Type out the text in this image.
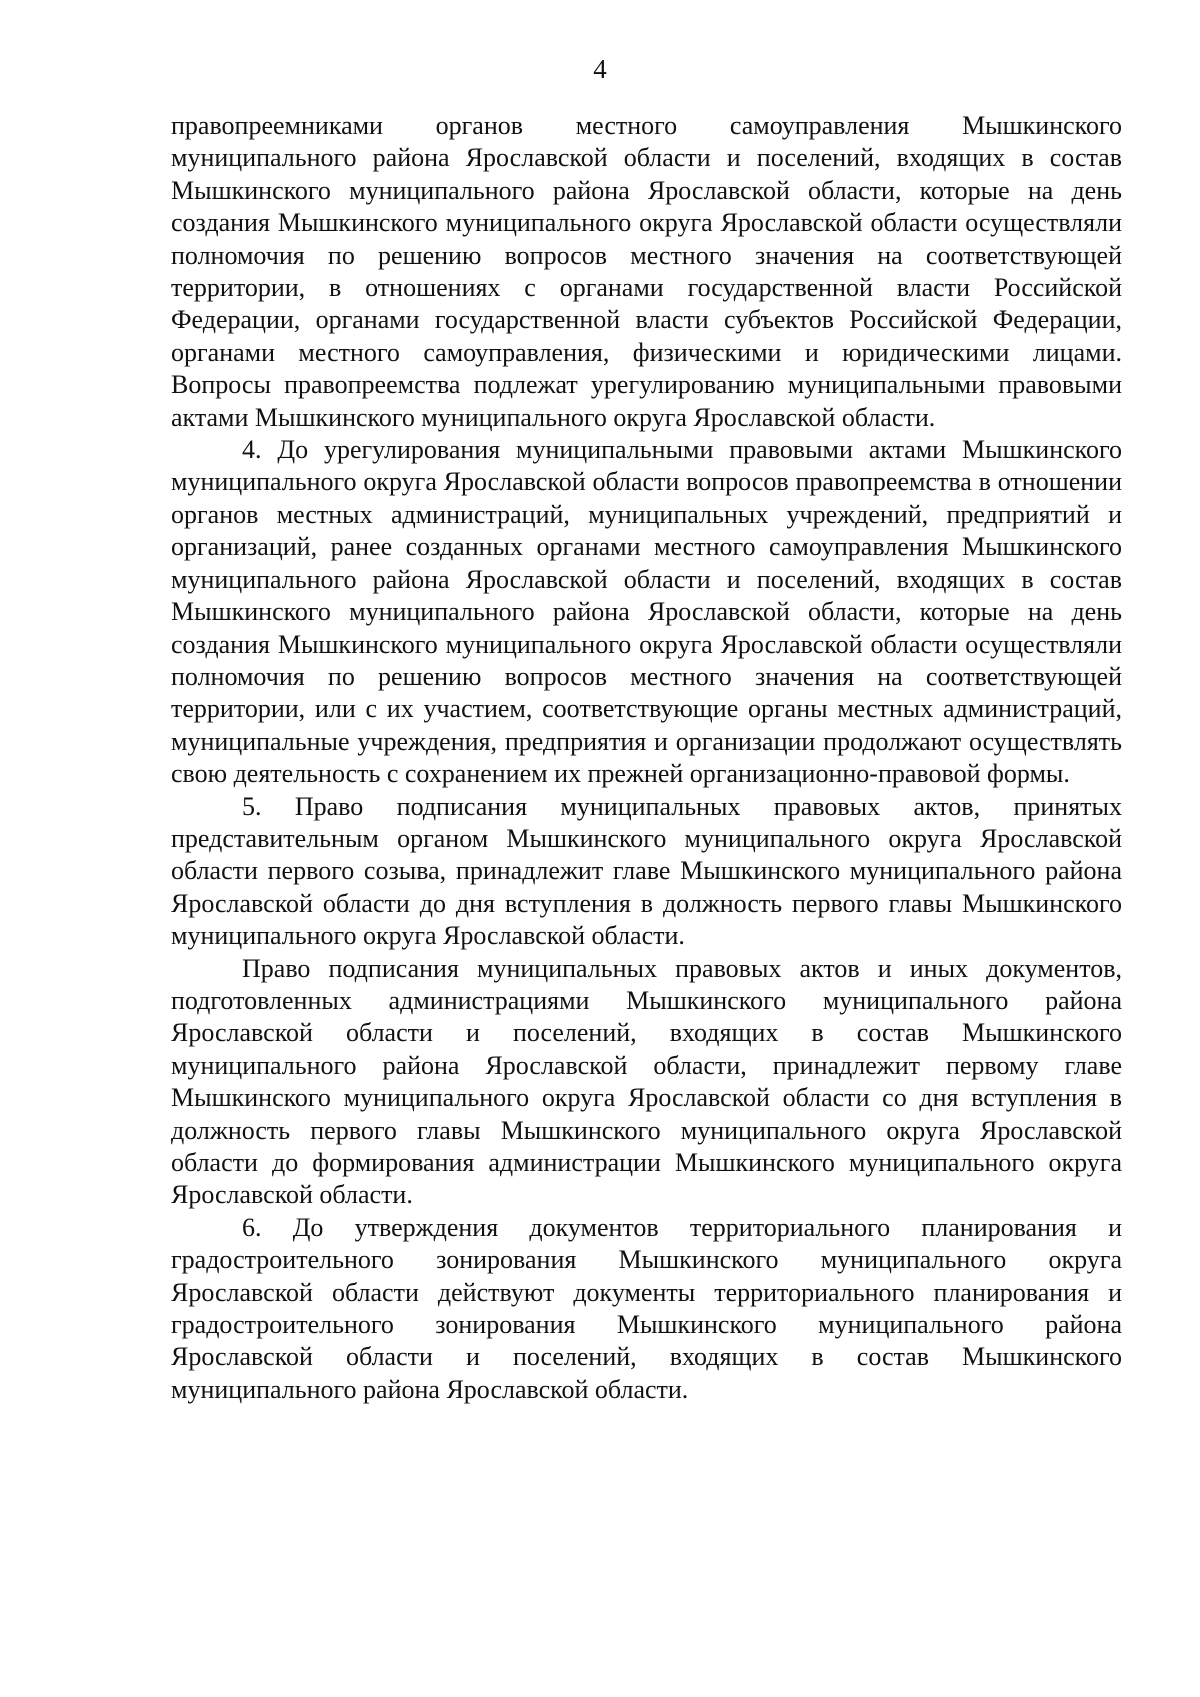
4

правопреемниками органов местного самоуправления Мышкинского муниципального района Ярославской области и поселений, входящих в состав Мышкинского муниципального района Ярославской области, которые на день создания Мышкинского муниципального округа Ярославской области осуществляли полномочия по решению вопросов местного значения на соответствующей территории, в отношениях с органами государственной власти Российской Федерации, органами государственной власти субъектов Российской Федерации, органами местного самоуправления, физическими и юридическими лицами. Вопросы правопреемства подлежат урегулированию муниципальными правовыми актами Мышкинского муниципального округа Ярославской области.

4. До урегулирования муниципальными правовыми актами Мышкинского муниципального округа Ярославской области вопросов правопреемства в отношении органов местных администраций, муниципальных учреждений, предприятий и организаций, ранее созданных органами местного самоуправления Мышкинского муниципального района Ярославской области и поселений, входящих в состав Мышкинского муниципального района Ярославской области, которые на день создания Мышкинского муниципального округа Ярославской области осуществляли полномочия по решению вопросов местного значения на соответствующей территории, или с их участием, соответствующие органы местных администраций, муниципальные учреждения, предприятия и организации продолжают осуществлять свою деятельность с сохранением их прежней организационно-правовой формы.

5. Право подписания муниципальных правовых актов, принятых представительным органом Мышкинского муниципального округа Ярославской области первого созыва, принадлежит главе Мышкинского муниципального района Ярославской области до дня вступления в должность первого главы Мышкинского муниципального округа Ярославской области.

Право подписания муниципальных правовых актов и иных документов, подготовленных администрациями Мышкинского муниципального района Ярославской области и поселений, входящих в состав Мышкинского муниципального района Ярославской области, принадлежит первому главе Мышкинского муниципального округа Ярославской области со дня вступления в должность первого главы Мышкинского муниципального округа Ярославской области до формирования администрации Мышкинского муниципального округа Ярославской области.

6. До утверждения документов территориального планирования и градостроительного зонирования Мышкинского муниципального округа Ярославской области действуют документы территориального планирования и градостроительного зонирования Мышкинского муниципального района Ярославской области и поселений, входящих в состав Мышкинского муниципального района Ярославской области.
